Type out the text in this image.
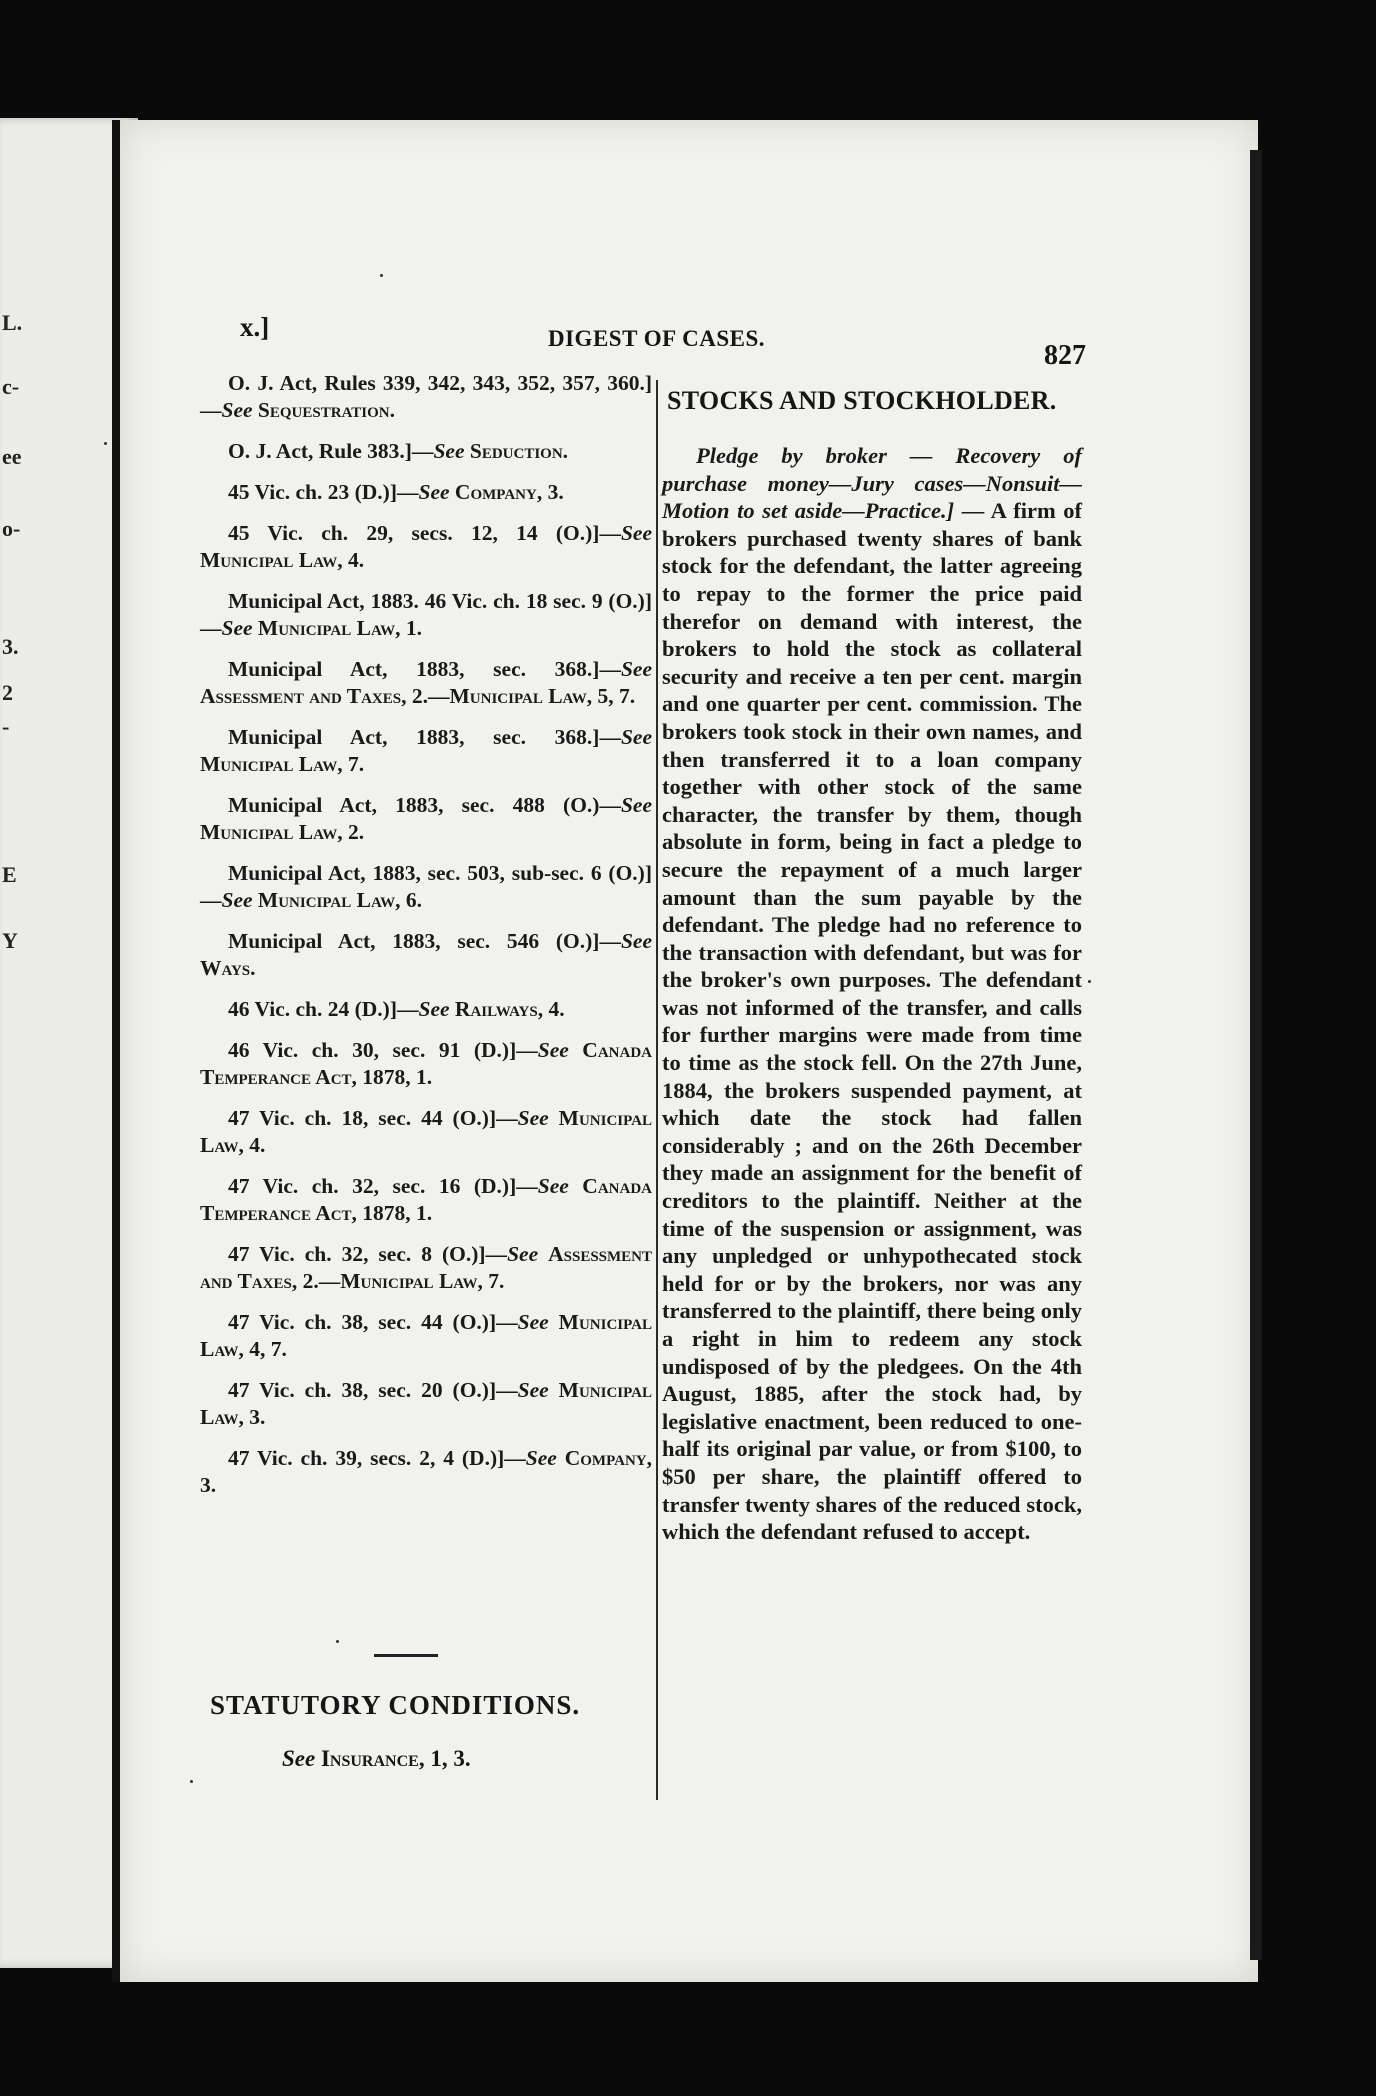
L.
c-
ee
o-
3.
2
-
E
Y
x.]	DIGEST OF CASES.
827
O. J. Act, Rules 339, 342, 343, 352, 357, 360.]—See Sequestration.
O. J. Act, Rule 383.]—See Seduction.
45 Vic. ch. 23 (D.)]—See Company, 3.
45 Vic. ch. 29, secs. 12, 14 (O.)]—See Municipal Law, 4.
Municipal Act, 1883. 46 Vic. ch. 18 sec. 9 (O.)]—See Municipal Law, 1.
Municipal Act, 1883, sec. 368.]—See Assessment and Taxes, 2.—Municipal Law, 5, 7.
Municipal Act, 1883, sec. 368.]—See Municipal Law, 7.
Municipal Act, 1883, sec. 488 (O.)—See Municipal Law, 2.
Municipal Act, 1883, sec. 503, sub-sec. 6 (O.)]—See Municipal Law, 6.
Municipal Act, 1883, sec. 546 (O.)]—See Ways.
46 Vic. ch. 24 (D.)]—See Railways, 4.
46 Vic. ch. 30, sec. 91 (D.)]—See Canada Temperance Act, 1878, 1.
47 Vic. ch. 18, sec. 44 (O.)]—See Municipal Law, 4.
47 Vic. ch. 32, sec. 16 (D.)]—See Canada Temperance Act, 1878, 1.
47 Vic. ch. 32, sec. 8 (O.)]—See Assessment and Taxes, 2.—Municipal Law, 7.
47 Vic. ch. 38, sec. 44 (O.)]—See Municipal Law, 4, 7.
47 Vic. ch. 38, sec. 20 (O.)]—See Municipal Law, 3.
47 Vic. ch. 39, secs. 2, 4 (D.)]—See Company, 3.
STATUTORY CONDITIONS.
See Insurance, 1, 3.
STOCKS AND STOCKHOLDER.

Pledge by broker — Recovery of purchase money—Jury cases—Nonsuit—Motion to set aside—Practice.] — A firm of brokers purchased twenty shares of bank stock for the defendant, the latter agreeing to repay to the former the price paid therefor on demand with interest, the brokers to hold the stock as collateral security and receive a ten per cent. margin and one quarter per cent. commission. The brokers took stock in their own names, and then transferred it to a loan company together with other stock of the same character, the transfer by them, though absolute in form, being in fact a pledge to secure the repayment of a much larger amount than the sum payable by the defendant. The pledge had no reference to the transaction with defendant, but was for the broker's own purposes. The defendant was not informed of the transfer, and calls for further margins were made from time to time as the stock fell. On the 27th June, 1884, the brokers suspended payment, at which date the stock had fallen considerably ; and on the 26th December they made an assignment for the benefit of creditors to the plaintiff. Neither at the time of the suspension or assignment, was any unpledged or unhypothecated stock held for or by the brokers, nor was any transferred to the plaintiff, there being only a right in him to redeem any stock undisposed of by the pledgees. On the 4th August, 1885, after the stock had, by legislative enactment, been reduced to one-half its original par value, or from $100, to $50 per share, the plaintiff offered to transfer twenty shares of the reduced stock, which the defendant refused to accept.
